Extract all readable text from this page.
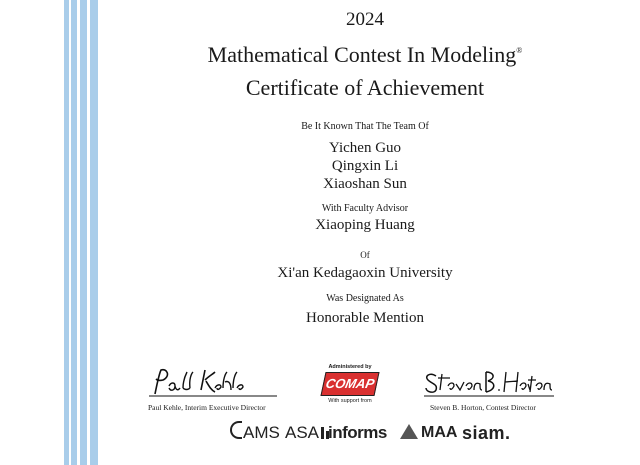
2024
Mathematical Contest In Modeling®
Certificate of Achievement
Be It Known That The Team Of
Yichen Guo
Qingxin Li
Xiaoshan Sun
With Faculty Advisor
Xiaoping Huang
Of
Xi'an Kedagaoxin University
Was Designated As
Honorable Mention
Paul Kehle, Interim Executive Director	Steven B. Horton, Contest Director
Administered by
COMAP
With support from
AMS ASA informs	MAA siam.
